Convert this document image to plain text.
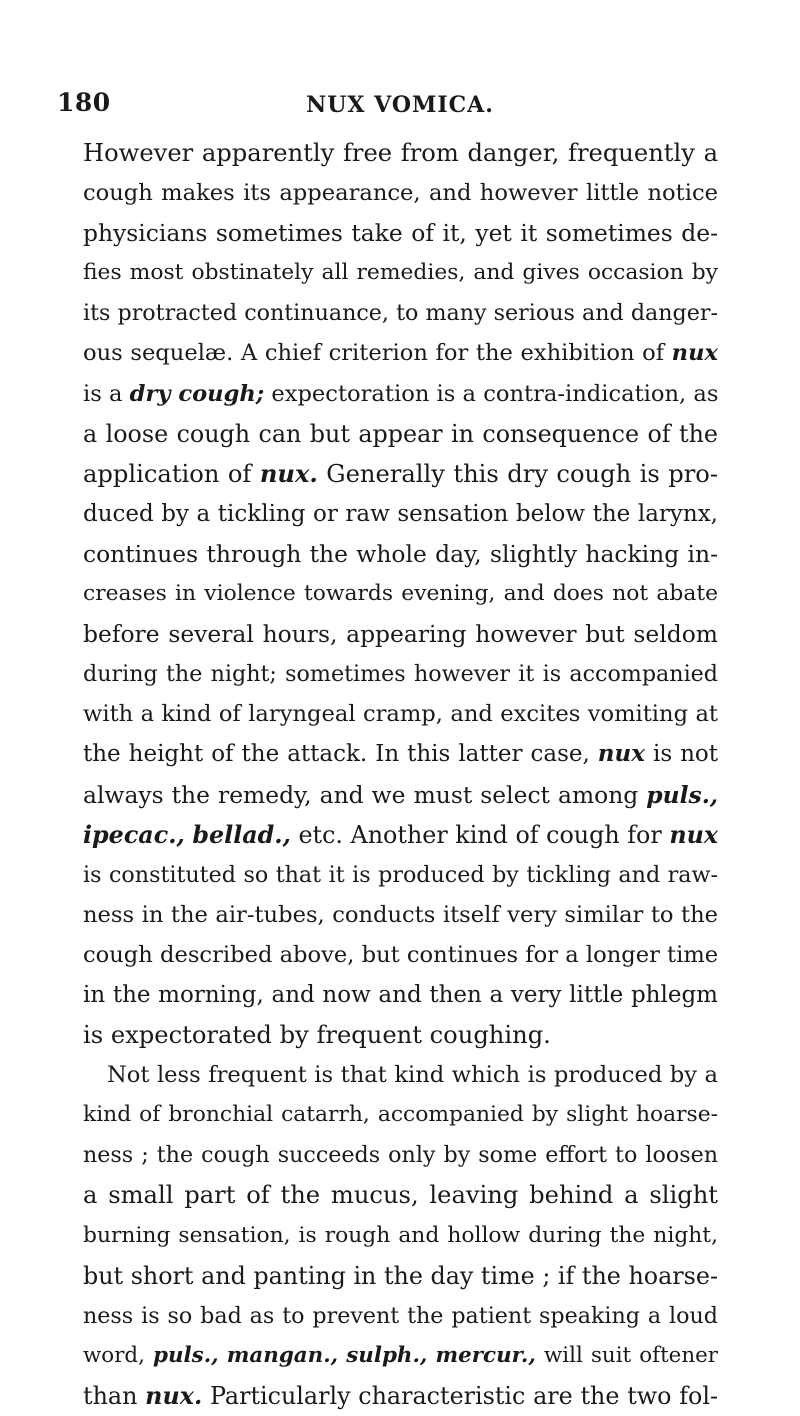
180	NUX VOMICA.
However apparently free from danger, frequently a
cough makes its appearance, and however little notice
physicians sometimes take of it, yet it sometimes de-
fies most obstinately all remedies, and gives occasion by
its protracted continuance, to many serious and danger-
ous sequelæ. A chief criterion for the exhibition of nux
is a dry cough; expectoration is a contra-indication, as
a loose cough can but appear in consequence of the
application of nux. Generally this dry cough is pro-
duced by a tickling or raw sensation below the larynx,
continues through the whole day, slightly hacking in-
creases in violence towards evening, and does not abate
before several hours, appearing however but seldom
during the night; sometimes however it is accompanied
with a kind of laryngeal cramp, and excites vomiting at
the height of the attack. In this latter case, nux is not
always the remedy, and we must select among puls.,
ipecac., bellad., etc. Another kind of cough for nux
is constituted so that it is produced by tickling and raw-
ness in the air-tubes, conducts itself very similar to the
cough described above, but continues for a longer time
in the morning, and now and then a very little phlegm
is expectorated by frequent coughing.
Not less frequent is that kind which is produced by a
kind of bronchial catarrh, accompanied by slight hoarse-
ness ; the cough succeeds only by some effort to loosen
a small part of the mucus, leaving behind a slight
burning sensation, is rough and hollow during the night,
but short and panting in the day time ; if the hoarse-
ness is so bad as to prevent the patient speaking a loud
word, puls., mangan., sulph., mercur., will suit oftener
than nux. Particularly characteristic are the two fol-
